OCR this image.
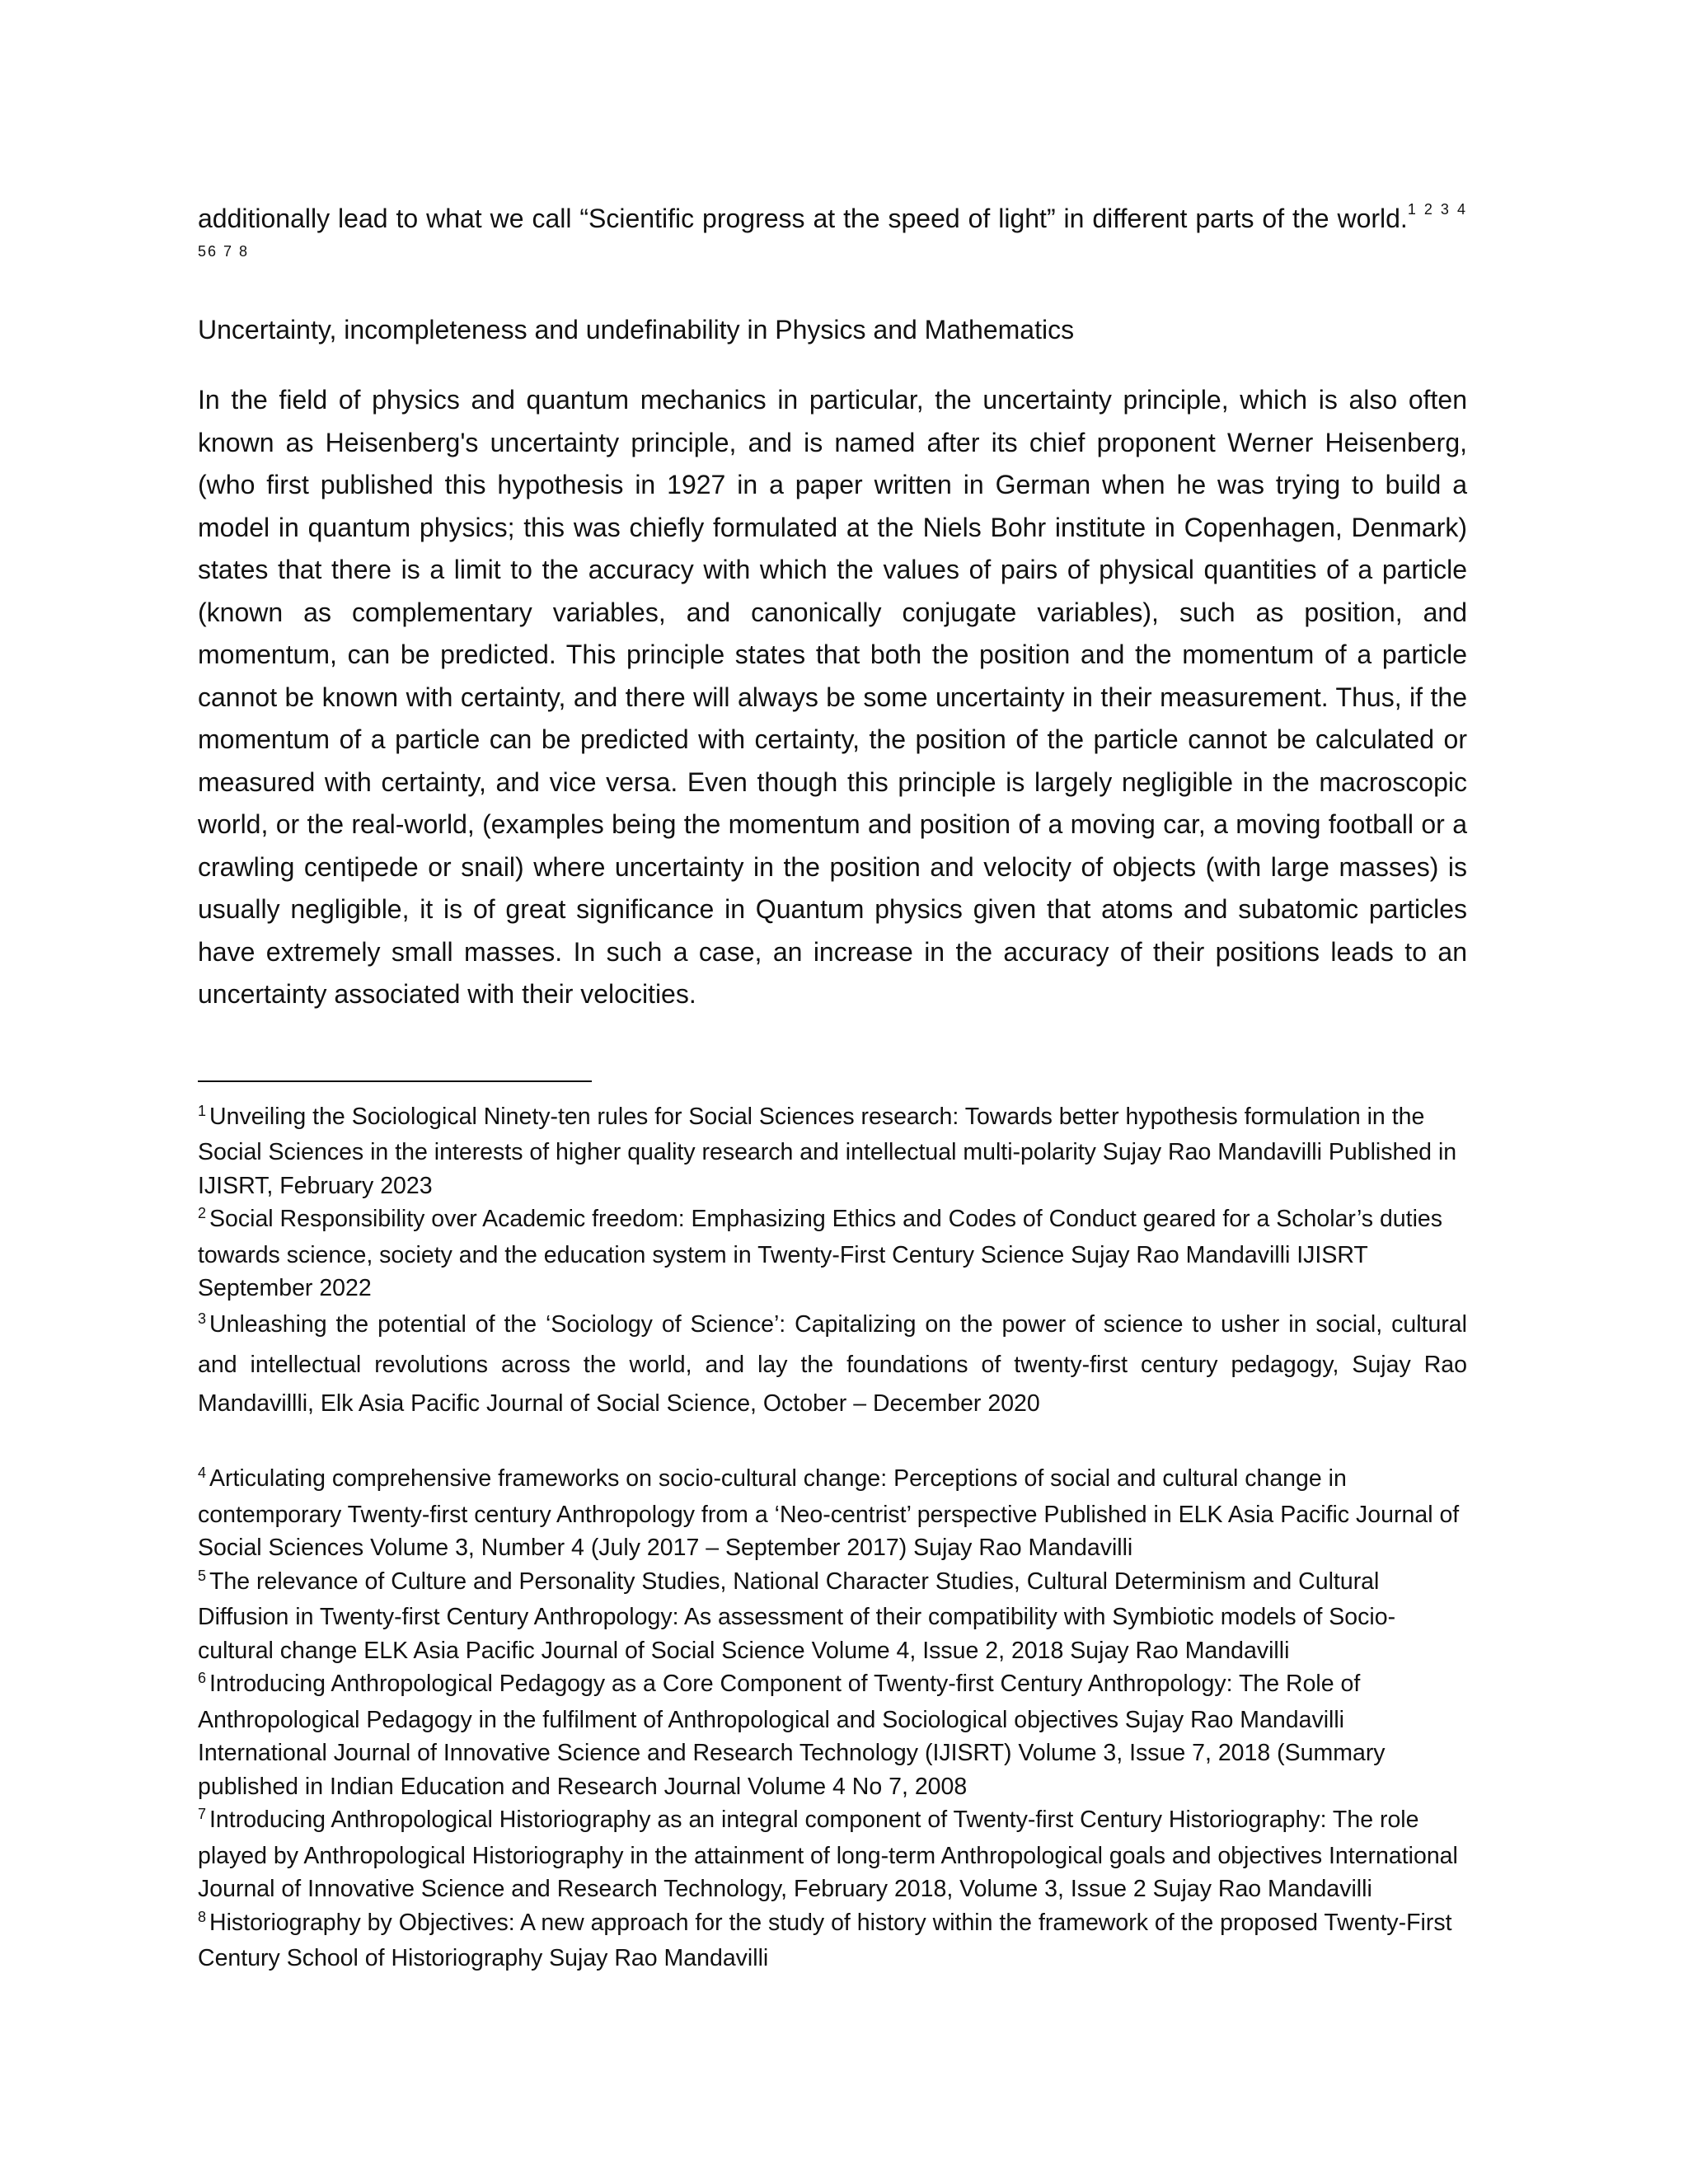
additionally lead to what we call “Scientific progress at the speed of light” in different parts of the world.$^{1 2 3 4 56 7 8}$

Uncertainty, incompleteness and undefinability in Physics and Mathematics

In the field of physics and quantum mechanics in particular, the uncertainty principle, which is also often known as Heisenberg's uncertainty principle, and is named after its chief proponent Werner Heisenberg, (who first published this hypothesis in 1927 in a paper written in German when he was trying to build a model in quantum physics; this was chiefly formulated at the Niels Bohr institute in Copenhagen, Denmark) states that there is a limit to the accuracy with which the values of pairs of physical quantities of a particle (known as complementary variables, and canonically conjugate variables), such as position, and momentum, can be predicted. This principle states that both the position and the momentum of a particle cannot be known with certainty, and there will always be some uncertainty in their measurement. Thus, if the momentum of a particle can be predicted with certainty, the position of the particle cannot be calculated or measured with certainty, and vice versa. Even though this principle is largely negligible in the macroscopic world, or the real-world, (examples being the momentum and position of a moving car, a moving football or a crawling centipede or snail) where uncertainty in the position and velocity of objects (with large masses) is usually negligible, it is of great significance in Quantum physics given that atoms and subatomic particles have extremely small masses. In such a case, an increase in the accuracy of their positions leads to an uncertainty associated with their velocities.

$^1$ Unveiling the Sociological Ninety-ten rules for Social Sciences research: Towards better hypothesis formulation in the Social Sciences in the interests of higher quality research and intellectual multi-polarity Sujay Rao Mandavilli Published in IJISRT, February 2023

$^2$ Social Responsibility over Academic freedom: Emphasizing Ethics and Codes of Conduct geared for a Scholar’s duties towards science, society and the education system in Twenty-First Century Science Sujay Rao Mandavilli IJISRT September 2022

$^3$ Unleashing the potential of the ‘Sociology of Science’: Capitalizing on the power of science to usher in social, cultural and intellectual revolutions across the world, and lay the foundations of twenty-first century pedagogy, Sujay Rao Mandavillli, Elk Asia Pacific Journal of Social Science, October – December 2020

$^4$ Articulating comprehensive frameworks on socio-cultural change: Perceptions of social and cultural change in contemporary Twenty-first century Anthropology from a ‘Neo-centrist’ perspective Published in ELK Asia Pacific Journal of Social Sciences Volume 3, Number 4 (July 2017 – September 2017) Sujay Rao Mandavilli

$^5$ The relevance of Culture and Personality Studies, National Character Studies, Cultural Determinism and Cultural Diffusion in Twenty-first Century Anthropology: As assessment of their compatibility with Symbiotic models of Socio-cultural change ELK Asia Pacific Journal of Social Science Volume 4, Issue 2, 2018 Sujay Rao Mandavilli

$^6$ Introducing Anthropological Pedagogy as a Core Component of Twenty-first Century Anthropology: The Role of Anthropological Pedagogy in the fulfilment of Anthropological and Sociological objectives Sujay Rao Mandavilli International Journal of Innovative Science and Research Technology (IJISRT) Volume 3, Issue 7, 2018 (Summary published in Indian Education and Research Journal Volume 4 No 7, 2008

$^7$ Introducing Anthropological Historiography as an integral component of Twenty-first Century Historiography: The role played by Anthropological Historiography in the attainment of long-term Anthropological goals and objectives International Journal of Innovative Science and Research Technology, February 2018, Volume 3, Issue 2 Sujay Rao Mandavilli

$^8$ Historiography by Objectives: A new approach for the study of history within the framework of the proposed Twenty-First Century School of Historiography Sujay Rao Mandavilli
